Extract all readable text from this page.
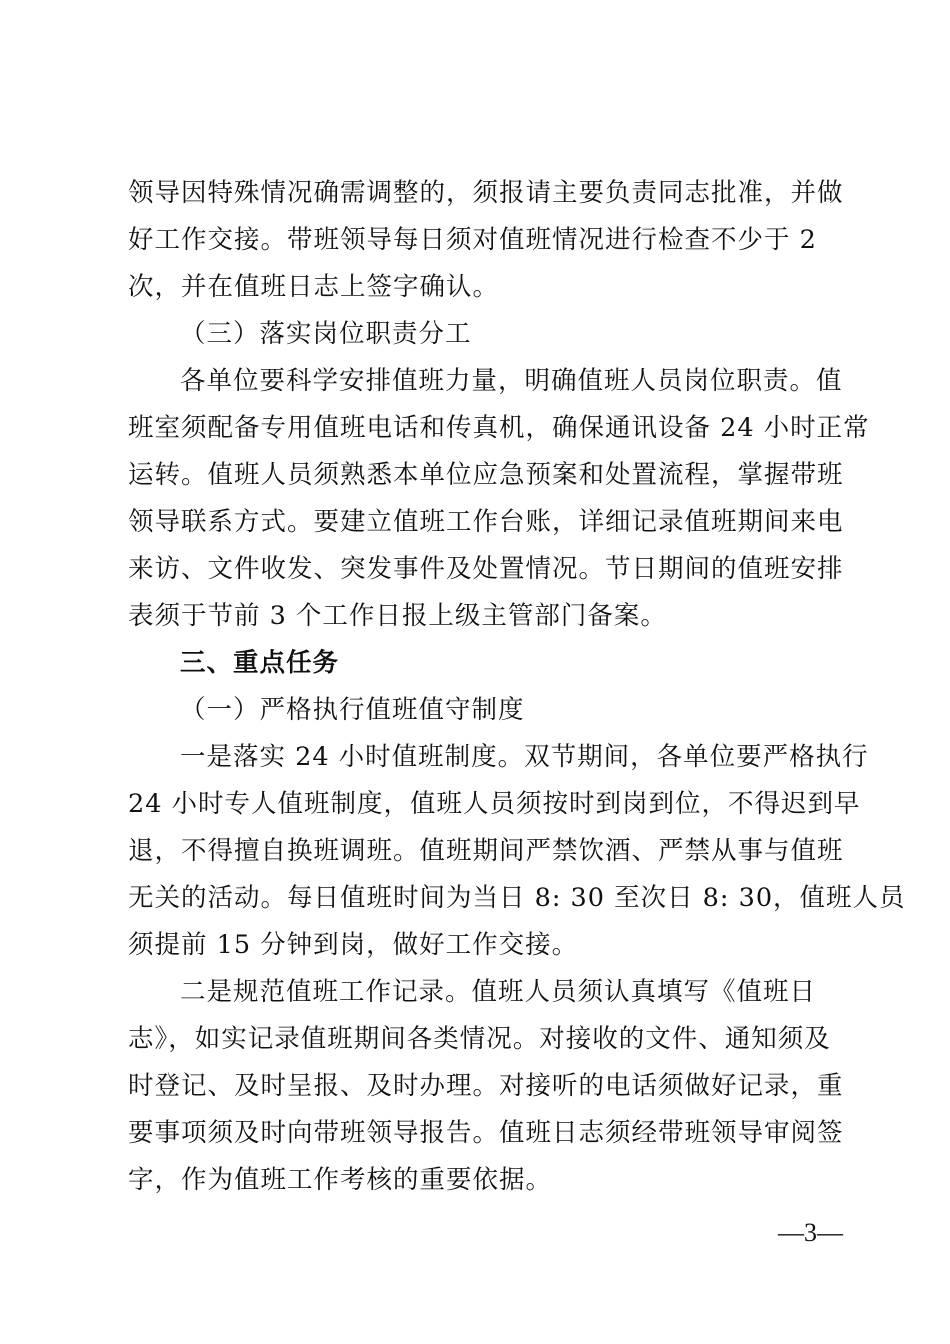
领导因特殊情况确需调整的，须报请主要负责同志批准，并做
好工作交接。带班领导每日须对值班情况进行检查不少于 2
次，并在值班日志上签字确认。
（三）落实岗位职责分工
各单位要科学安排值班力量，明确值班人员岗位职责。值
班室须配备专用值班电话和传真机，确保通讯设备 24 小时正常
运转。值班人员须熟悉本单位应急预案和处置流程，掌握带班
领导联系方式。要建立值班工作台账，详细记录值班期间来电
来访、文件收发、突发事件及处置情况。节日期间的值班安排
表须于节前 3 个工作日报上级主管部门备案。
三、重点任务
（一）严格执行值班值守制度
一是落实 24 小时值班制度。双节期间，各单位要严格执行
24 小时专人值班制度，值班人员须按时到岗到位，不得迟到早
退，不得擅自换班调班。值班期间严禁饮酒、严禁从事与值班
无关的活动。每日值班时间为当日 8: 30 至次日 8: 30，值班人员
须提前 15 分钟到岗，做好工作交接。
二是规范值班工作记录。值班人员须认真填写《值班日
志》，如实记录值班期间各类情况。对接收的文件、通知须及
时登记、及时呈报、及时办理。对接听的电话须做好记录，重
要事项须及时向带班领导报告。值班日志须经带班领导审阅签
字，作为值班工作考核的重要依据。
—3—
